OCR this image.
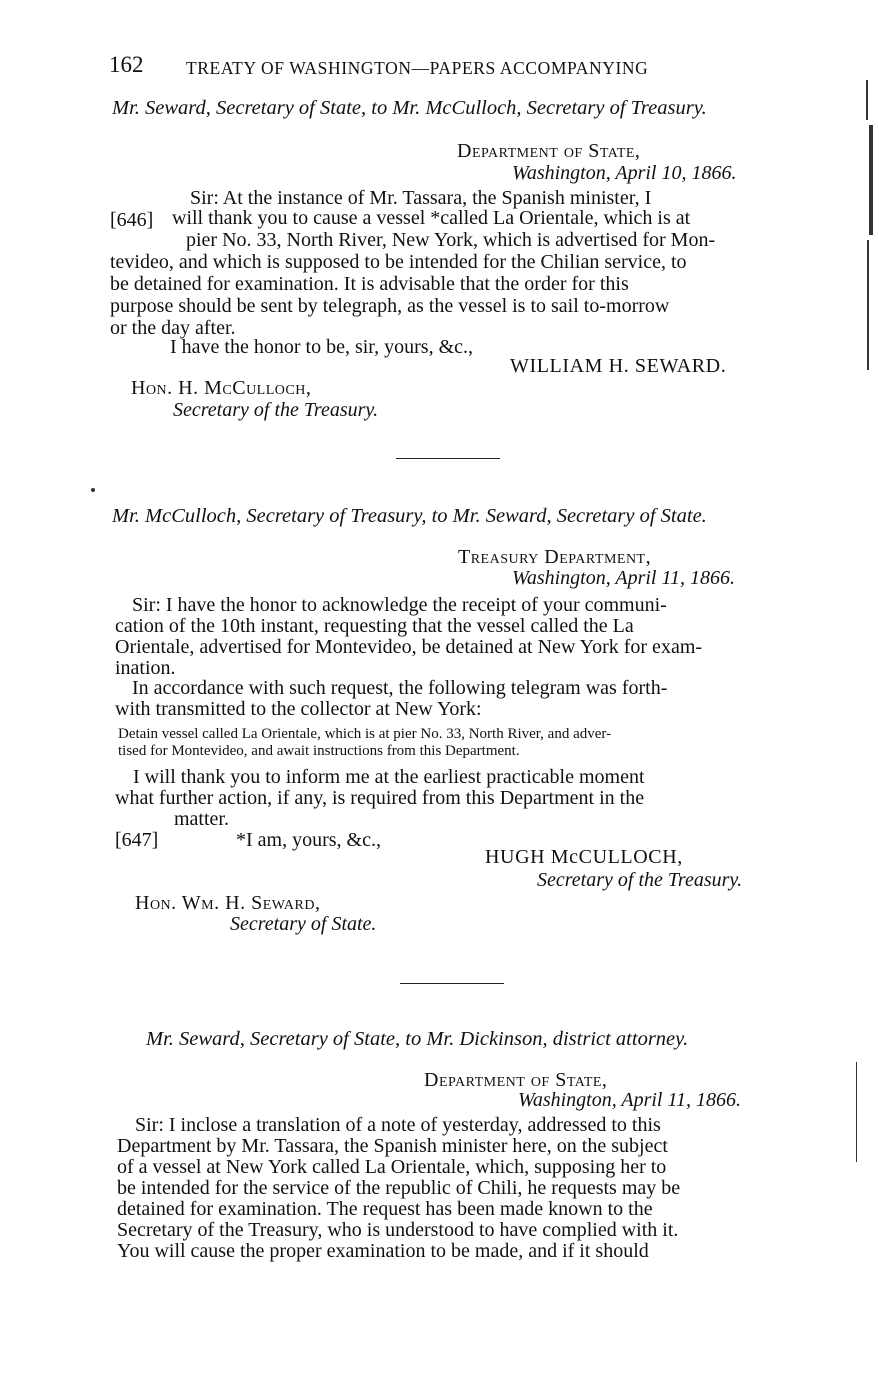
162 TREATY OF WASHINGTON—PAPERS ACCOMPANYING
Mr. Seward, Secretary of State, to Mr. McCulloch, Secretary of Treasury.
Department of State,
Washington, April 10, 1866.
Sir: At the instance of Mr. Tassara, the Spanish minister, I
[646] will thank you to cause a vessel *called La Orientale, which is at
pier No. 33, North River, New York, which is advertised for Mon-
tevideo, and which is supposed to be intended for the Chilian service, to
be detained for examination. It is advisable that the order for this
purpose should be sent by telegraph, as the vessel is to sail to-morrow
or the day after.
I have the honor to be, sir, yours, &c.,
WILLIAM H. SEWARD.
Hon. H. McCulloch,
Secretary of the Treasury.
Mr. McCulloch, Secretary of Treasury, to Mr. Seward, Secretary of State.
Treasury Department,
Washington, April 11, 1866.
Sir: I have the honor to acknowledge the receipt of your communi-
cation of the 10th instant, requesting that the vessel called the La
Orientale, advertised for Montevideo, be detained at New York for exam-
ination.
In accordance with such request, the following telegram was forth-
with transmitted to the collector at New York:
Detain vessel called La Orientale, which is at pier No. 33, North River, and adver-
tised for Montevideo, and await instructions from this Department.
I will thank you to inform me at the earliest practicable moment
what further action, if any, is required from this Department in the
matter.
[647]	*I am, yours, &c.,
HUGH McCULLOCH,
Secretary of the Treasury.
Hon. Wm. H. Seward,
Secretary of State.
Mr. Seward, Secretary of State, to Mr. Dickinson, district attorney.
Department of State,
Washington, April 11, 1866.
Sir: I inclose a translation of a note of yesterday, addressed to this
Department by Mr. Tassara, the Spanish minister here, on the subject
of a vessel at New York called La Orientale, which, supposing her to
be intended for the service of the republic of Chili, he requests may be
detained for examination. The request has been made known to the
Secretary of the Treasury, who is understood to have complied with it.
You will cause the proper examination to be made, and if it should
